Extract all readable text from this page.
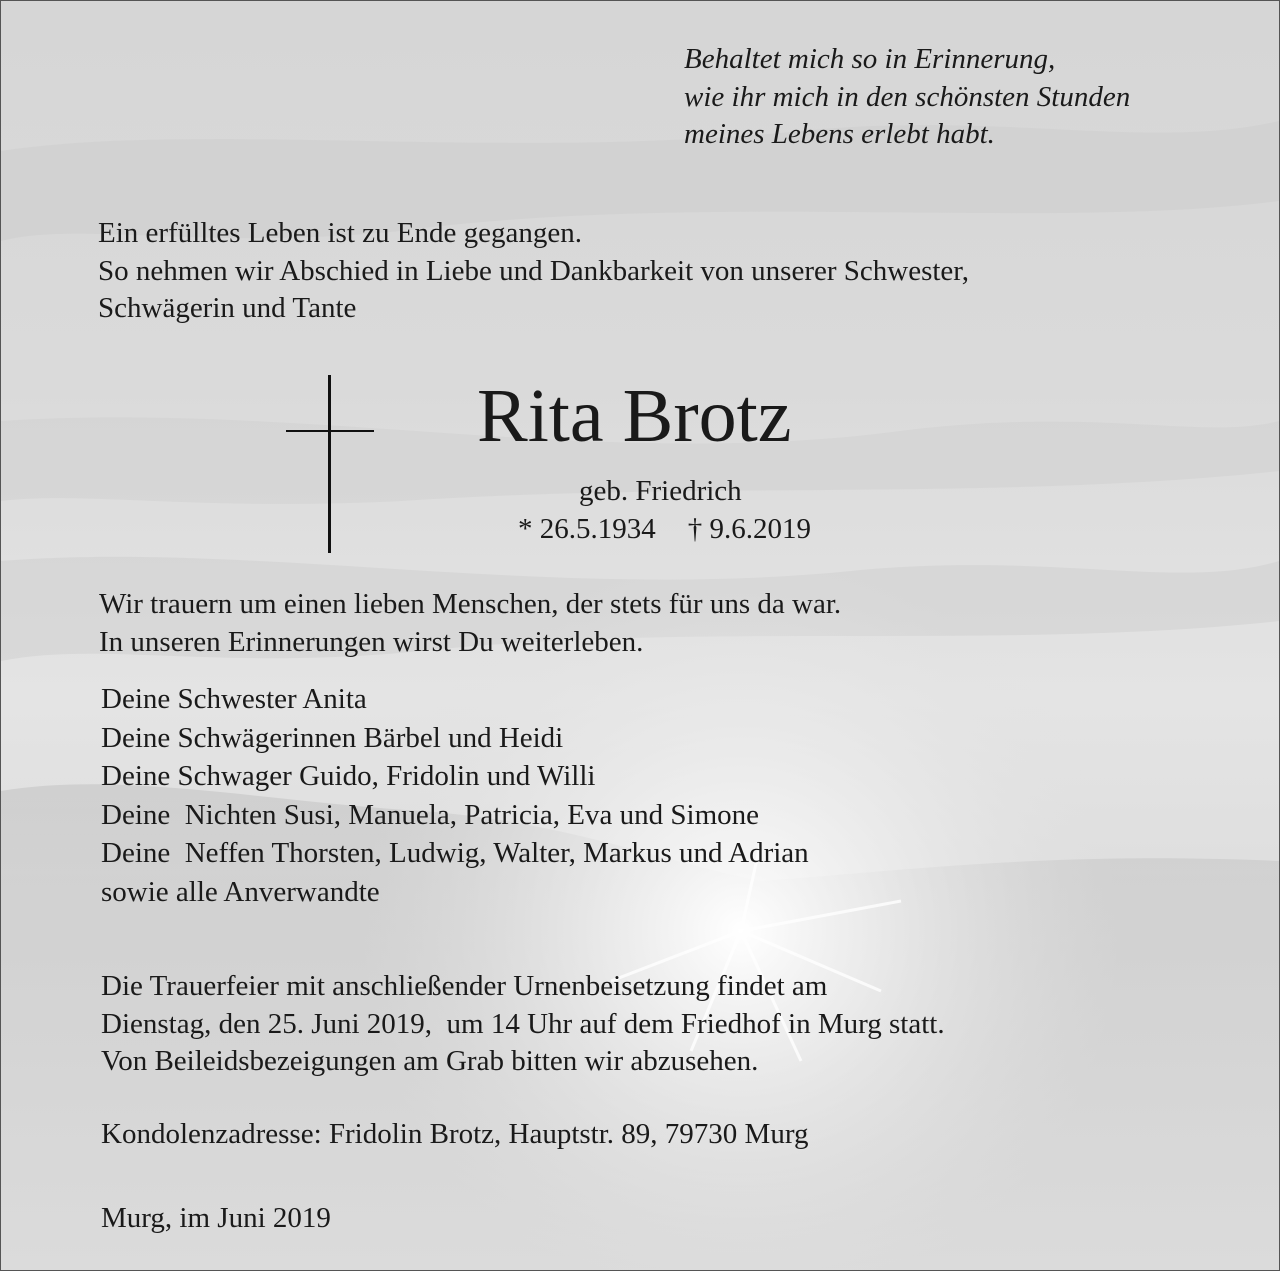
Behaltet mich so in Erinnerung,
wie ihr mich in den schönsten Stunden
meines Lebens erlebt habt.
Ein erfülltes Leben ist zu Ende gegangen.
So nehmen wir Abschied in Liebe und Dankbarkeit von unserer Schwester,
Schwägerin und Tante
Rita Brotz
geb. Friedrich
* 26.5.1934 † 9.6.2019
Wir trauern um einen lieben Menschen, der stets für uns da war.
In unseren Erinnerungen wirst Du weiterleben.
Deine Schwester Anita
Deine Schwägerinnen Bärbel und Heidi
Deine Schwager Guido, Fridolin und Willi
Deine  Nichten Susi, Manuela, Patricia, Eva und Simone
Deine  Neffen Thorsten, Ludwig, Walter, Markus und Adrian
sowie alle Anverwandte
Die Trauerfeier mit anschließender Urnenbeisetzung findet am
Dienstag, den 25. Juni 2019,  um 14 Uhr auf dem Friedhof in Murg statt.
Von Beileidsbezeigungen am Grab bitten wir abzusehen.
Kondolenzadresse: Fridolin Brotz, Hauptstr. 89, 79730 Murg
Murg, im Juni 2019
